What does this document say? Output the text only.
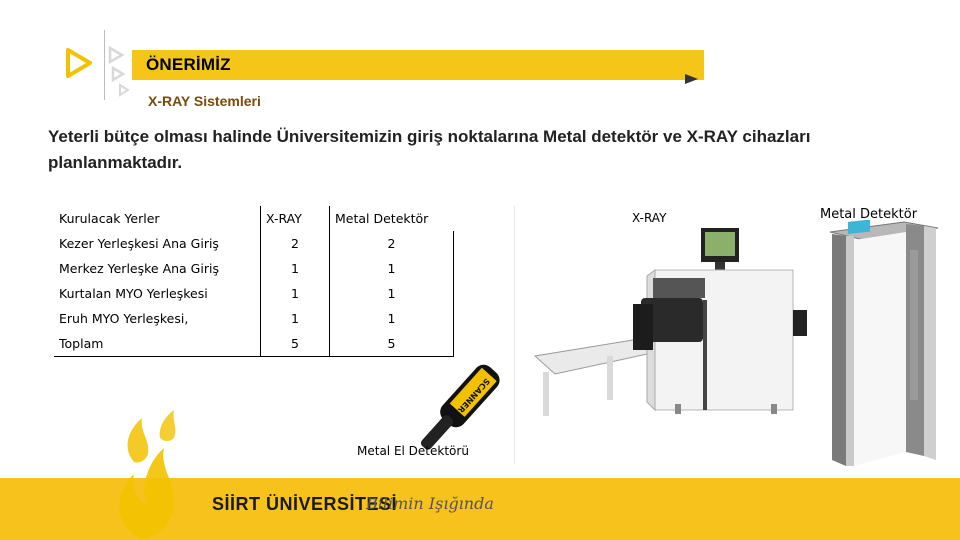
ÖNERİMİZ
X-RAY Sistemleri
Yeterli bütçe olması halinde Üniversitemizin giriş noktalarına Metal detektör ve X-RAY cihazları planlanmaktadır.
Kurulacak Yerler	X-RAY	Metal Detektör
Kezer Yerleşkesi Ana Giriş	2	2
Merkez Yerleşke Ana Giriş	1	1
Kurtalan MYO Yerleşkesi	1	1
Eruh MYO Yerleşkesi,	1	1
Toplam	5	5
SCANNER
Metal El Detektörü
X-RAY	Metal Detektör
SİİRT ÜNİVERSİTESİ
Bilimin Işığında
